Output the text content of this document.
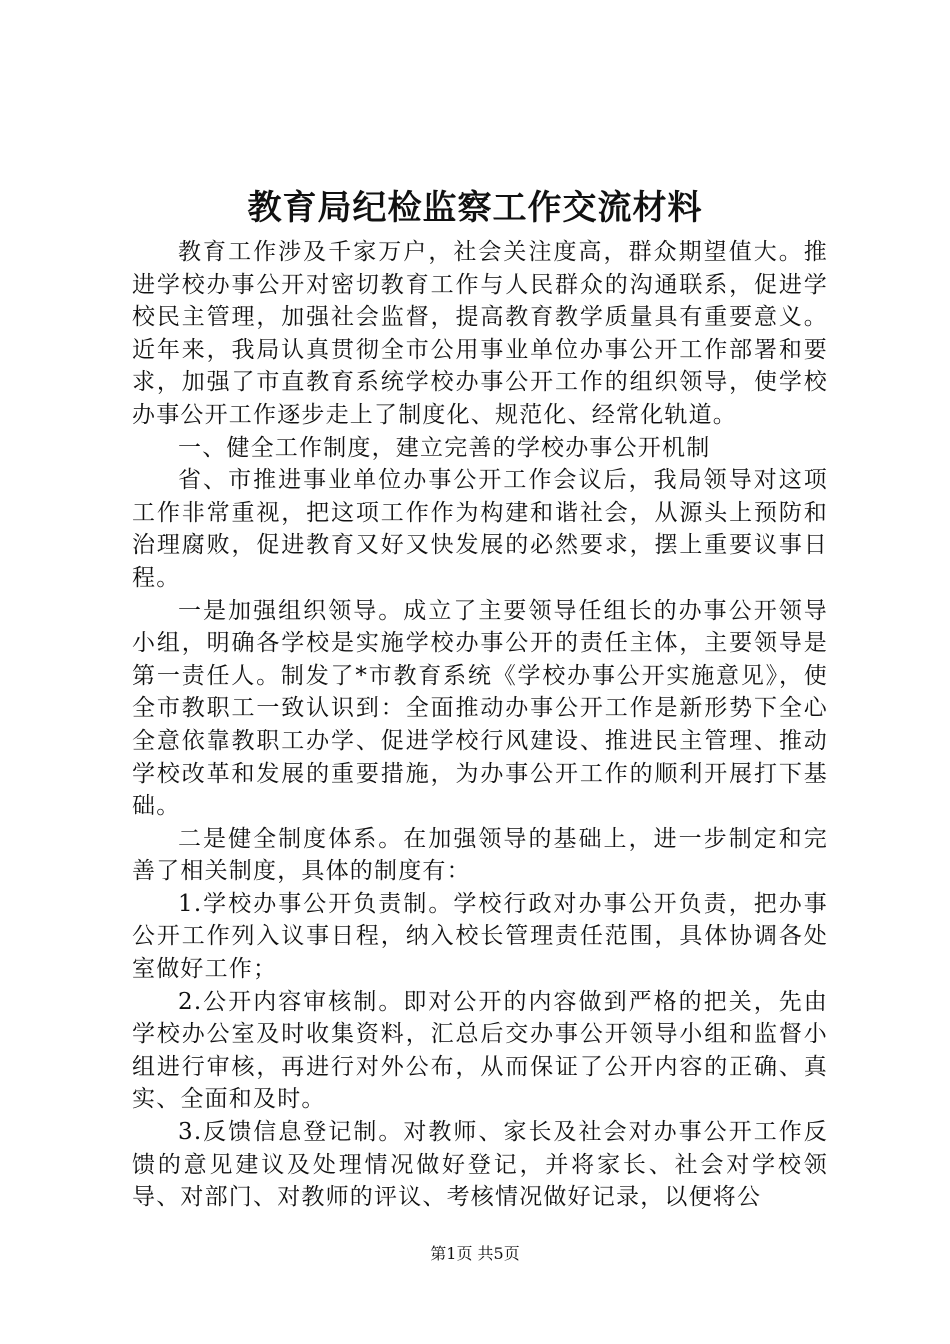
教育局纪检监察工作交流材料

教育工作涉及千家万户，社会关注度高，群众期望值大。推进学校办事公开对密切教育工作与人民群众的沟通联系，促进学校民主管理，加强社会监督，提高教育教学质量具有重要意义。近年来，我局认真贯彻全市公用事业单位办事公开工作部署和要求，加强了市直教育系统学校办事公开工作的组织领导，使学校办事公开工作逐步走上了制度化、规范化、经常化轨道。

一、健全工作制度，建立完善的学校办事公开机制

省、市推进事业单位办事公开工作会议后，我局领导对这项工作非常重视，把这项工作作为构建和谐社会，从源头上预防和治理腐败，促进教育又好又快发展的必然要求，摆上重要议事日程。

一是加强组织领导。成立了主要领导任组长的办事公开领导小组，明确各学校是实施学校办事公开的责任主体，主要领导是第一责任人。制发了*市教育系统《学校办事公开实施意见》，使全市教职工一致认识到：全面推动办事公开工作是新形势下全心全意依靠教职工办学、促进学校行风建设、推进民主管理、推动学校改革和发展的重要措施，为办事公开工作的顺利开展打下基础。

二是健全制度体系。在加强领导的基础上，进一步制定和完善了相关制度，具体的制度有：

1.学校办事公开负责制。学校行政对办事公开负责，把办事公开工作列入议事日程，纳入校长管理责任范围，具体协调各处室做好工作；

2.公开内容审核制。即对公开的内容做到严格的把关，先由学校办公室及时收集资料，汇总后交办事公开领导小组和监督小组进行审核，再进行对外公布，从而保证了公开内容的正确、真实、全面和及时。

3.反馈信息登记制。对教师、家长及社会对办事公开工作反馈的意见建议及处理情况做好登记，并将家长、社会对学校领导、对部门、对教师的评议、考核情况做好记录，以便将公

第1页 共5页
